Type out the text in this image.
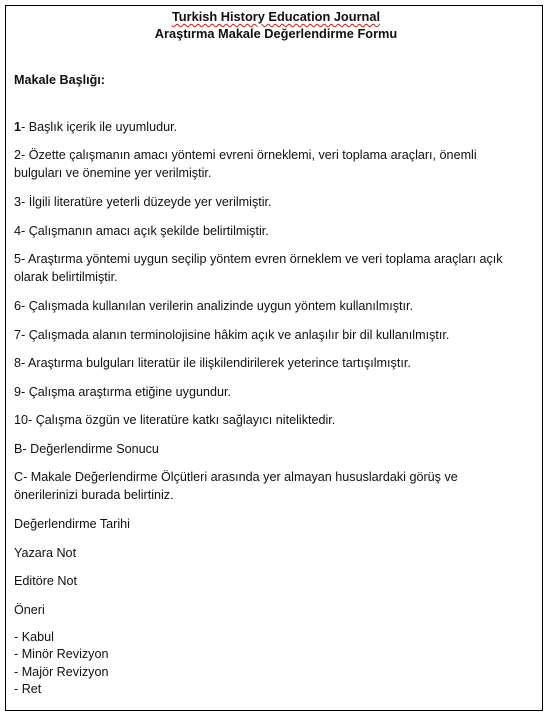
Turkish History Education Journal
Araştırma Makale Değerlendirme Formu
Makale Başlığı:
1- Başlık içerik ile uyumludur.
2- Özette çalışmanın amacı yöntemi evreni örneklemi, veri toplama araçları, önemli bulguları ve önemine yer verilmiştir.
3- İlgili literatüre yeterli düzeyde yer verilmiştir.
4- Çalışmanın amacı açık şekilde belirtilmiştir.
5- Araştırma yöntemi uygun seçilip yöntem evren örneklem ve veri toplama araçları açık olarak belirtilmiştir.
6- Çalışmada kullanılan verilerin analizinde uygun yöntem kullanılmıştır.
7- Çalışmada alanın terminolojisine hâkim açık ve anlaşılır bir dil kullanılmıştır.
8- Araştırma bulguları literatür ile ilişkilendirilerek yeterince tartışılmıştır.
9- Çalışma araştırma etiğine uygundur.
10- Çalışma özgün ve literatüre katkı sağlayıcı niteliktedir.
B- Değerlendirme Sonucu
C- Makale Değerlendirme Ölçütleri arasında yer almayan hususlardaki görüş ve önerilerinizi burada belirtiniz.
Değerlendirme Tarihi
Yazara Not
Editöre Not
Öneri
- Kabul
- Minör Revizyon
- Majör Revizyon
- Ret
